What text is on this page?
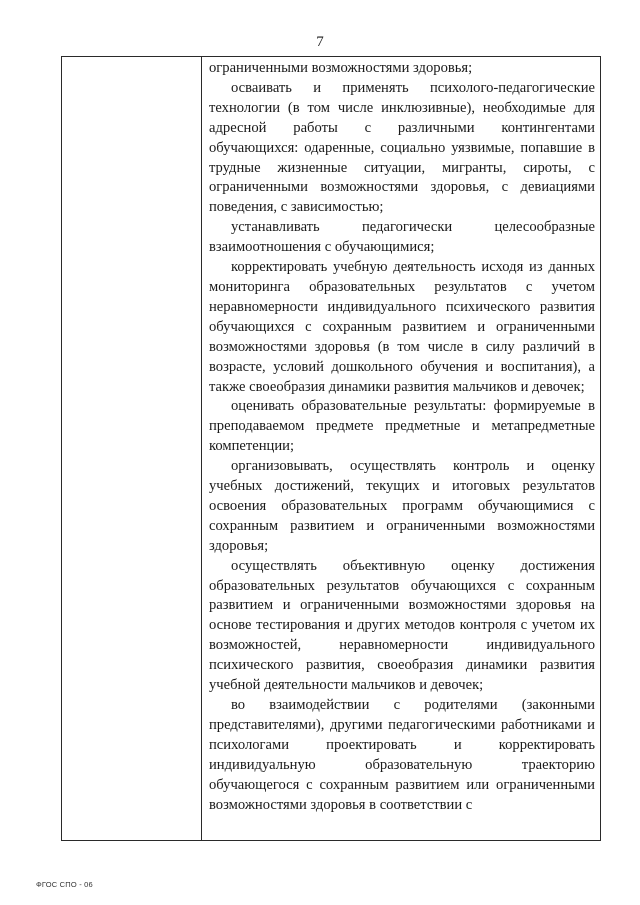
7

ограниченными возможностями здоровья;

осваивать и применять психолого-педагогические технологии (в том числе инклюзивные), необходимые для адресной работы с различными контингентами обучающихся: одаренные, социально уязвимые, попавшие в трудные жизненные ситуации, мигранты, сироты, с ограниченными возможностями здоровья, с девиациями поведения, с зависимостью;

устанавливать педагогически целесообразные взаимоотношения с обучающимися;

корректировать учебную деятельность исходя из данных мониторинга образовательных результатов с учетом неравномерности индивидуального психического развития обучающихся с сохранным развитием и ограниченными возможностями здоровья (в том числе в силу различий в возрасте, условий дошкольного обучения и воспитания), а также своеобразия динамики развития мальчиков и девочек;

оценивать образовательные результаты: формируемые в преподаваемом предмете предметные и метапредметные компетенции;

организовывать, осуществлять контроль и оценку учебных достижений, текущих и итоговых результатов освоения образовательных программ обучающимися с сохранным развитием и ограниченными возможностями здоровья;

осуществлять объективную оценку достижения образовательных результатов обучающихся с сохранным развитием и ограниченными возможностями здоровья на основе тестирования и других методов контроля с учетом их возможностей, неравномерности индивидуального психического развития, своеобразия динамики развития учебной деятельности мальчиков и девочек;

во взаимодействии с родителями (законными представителями), другими педагогическими работниками и психологами проектировать и корректировать индивидуальную образовательную траекторию обучающегося с сохранным развитием или ограниченными возможностями здоровья в соответствии с

ФГОС СПО - 06
